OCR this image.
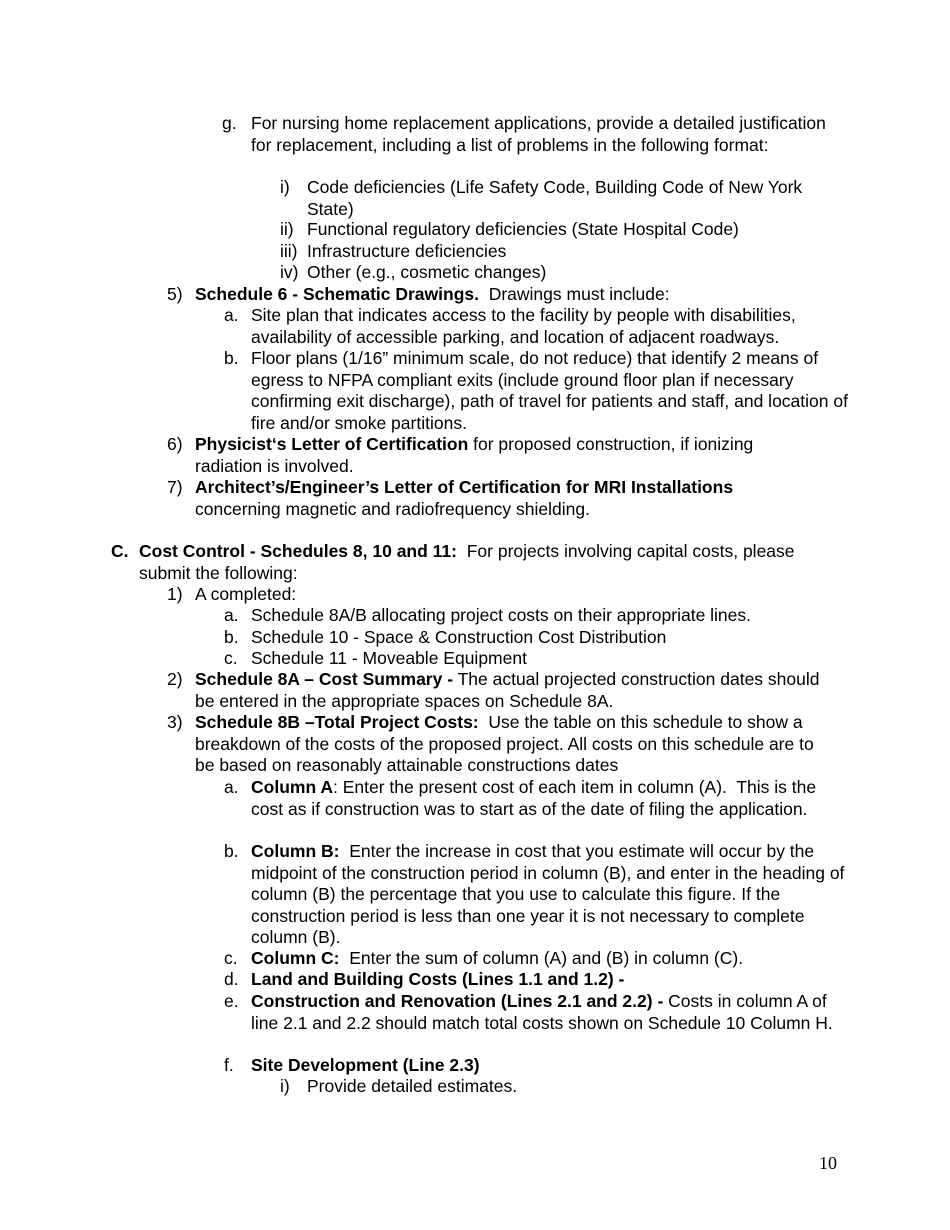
g. For nursing home replacement applications, provide a detailed justification for replacement, including a list of problems in the following format:

i) Code deficiencies (Life Safety Code, Building Code of New York State)

ii) Functional regulatory deficiencies (State Hospital Code)

iii) Infrastructure deficiencies

iv) Other (e.g., cosmetic changes)

5) Schedule 6 - Schematic Drawings.  Drawings must include:

a. Site plan that indicates access to the facility by people with disabilities, availability of accessible parking, and location of adjacent roadways.

b. Floor plans (1/16” minimum scale, do not reduce) that identify 2 means of egress to NFPA compliant exits (include ground floor plan if necessary confirming exit discharge), path of travel for patients and staff, and location of fire and/or smoke partitions.

6) Physicist‘s Letter of Certification for proposed construction, if ionizing radiation is involved.

7) Architect’s/Engineer’s Letter of Certification for MRI Installations concerning magnetic and radiofrequency shielding.

C. Cost Control - Schedules 8, 10 and 11:  For projects involving capital costs, please submit the following:

1) A completed:

a. Schedule 8A/B allocating project costs on their appropriate lines.

b. Schedule 10 - Space & Construction Cost Distribution

c. Schedule 11 - Moveable Equipment

2) Schedule 8A – Cost Summary - The actual projected construction dates should be entered in the appropriate spaces on Schedule 8A.

3) Schedule 8B –Total Project Costs:  Use the table on this schedule to show a breakdown of the costs of the proposed project. All costs on this schedule are to be based on reasonably attainable constructions dates

a. Column A: Enter the present cost of each item in column (A).  This is the cost as if construction was to start as of the date of filing the application.

b. Column B:  Enter the increase in cost that you estimate will occur by the midpoint of the construction period in column (B), and enter in the heading of column (B) the percentage that you use to calculate this figure. If the construction period is less than one year it is not necessary to complete column (B).

c. Column C:  Enter the sum of column (A) and (B) in column (C).

d. Land and Building Costs (Lines 1.1 and 1.2) -

e. Construction and Renovation (Lines 2.1 and 2.2) - Costs in column A of line 2.1 and 2.2 should match total costs shown on Schedule 10 Column H.

f. Site Development (Line 2.3)

i) Provide detailed estimates.

10
